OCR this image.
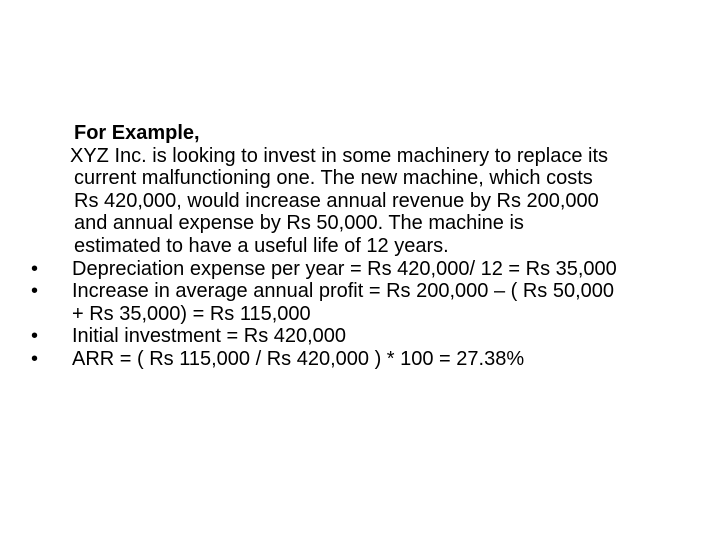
For Example,
XYZ Inc. is looking to invest in some machinery to replace its
current malfunctioning one. The new machine, which costs
Rs 420,000, would increase annual revenue by Rs 200,000
and annual expense by Rs 50,000. The machine is
estimated to have a useful life of 12 years.
• Depreciation expense per year = Rs 420,000/ 12 = Rs 35,000
• Increase in average annual profit = Rs 200,000 – ( Rs 50,000
+ Rs 35,000) = Rs 115,000
• Initial investment = Rs 420,000
• ARR = ( Rs 115,000 / Rs 420,000 ) * 100 = 27.38%
